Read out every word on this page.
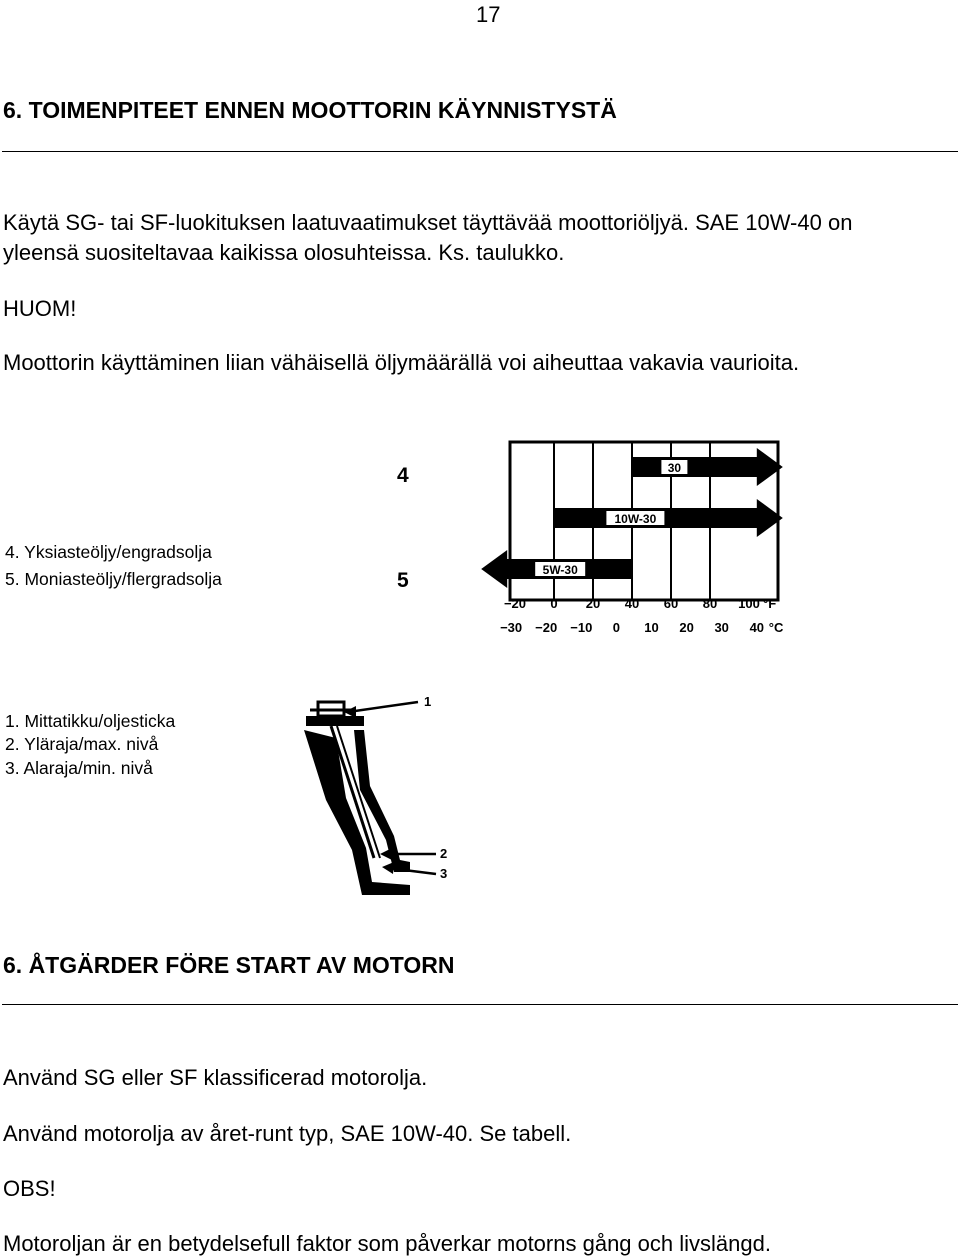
17
6. TOIMENPITEET ENNEN MOOTTORIN KÄYNNISTYSTÄ
Käytä SG- tai SF-luokituksen laatuvaatimukset täyttävää moottoriöljyä. SAE 10W-40 on
yleensä suositeltavaa kaikissa olosuhteissa. Ks. taulukko.
HUOM!
Moottorin käyttäminen liian vähäisellä öljymäärällä voi aiheuttaa vakavia vaurioita.
4
5
4. Yksiasteöljy/engradsolja
5. Moniasteöljy/flergradsolja
30
10W-30
5W-30
−20 0 20 40 60 80 100 °F
−30 −20 −10 0 10 20 30 40 °C
1. Mittatikku/oljesticka
2. Yläraja/max. nivå
3. Alaraja/min. nivå
1
2
3
6. ÅTGÄRDER FÖRE START AV MOTORN
Använd SG eller SF klassificerad motorolja.
Använd motorolja av året-runt typ, SAE 10W-40. Se tabell.
OBS!
Motoroljan är en betydelsefull faktor som påverkar motorns gång och livslängd.
